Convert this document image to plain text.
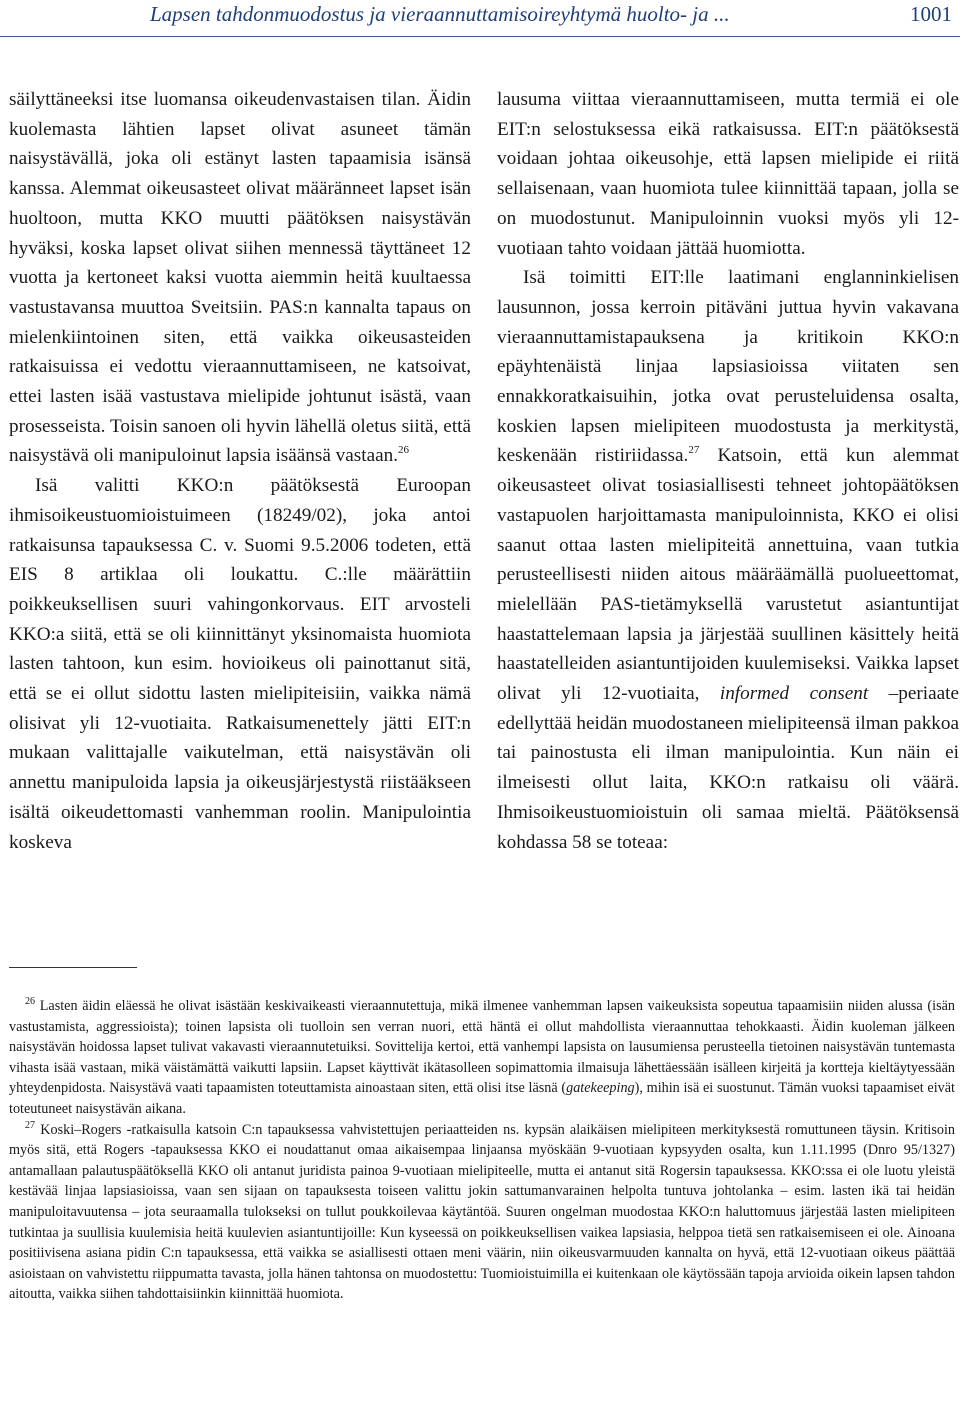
Lapsen tahdonmuodostus ja vieraannuttamisoireyhtymä huolto- ja ...	1001

säilyttäneeksi itse luomansa oikeudenvastaisen tilan. Äidin kuolemasta lähtien lapset olivat asuneet tämän naisystävällä, joka oli estänyt lasten tapaamisia isänsä kanssa. Alemmat oikeusasteet olivat määränneet lapset isän huoltoon, mutta KKO muutti päätöksen naisystävän hyväksi, koska lapset olivat siihen mennessä täyttäneet 12 vuotta ja kertoneet kaksi vuotta aiemmin heitä kuultaessa vastustavansa muuttoa Sveitsiin. PAS:n kannalta tapaus on mielenkiintoinen siten, että vaikka oikeusasteiden ratkaisuissa ei vedottu vieraannuttamiseen, ne katsoivat, ettei lasten isää vastustava mielipide johtunut isästä, vaan prosesseista. Toisin sanoen oli hyvin lähellä oletus siitä, että naisystävä oli manipuloinut lapsia isäänsä vastaan.$^{26}$

Isä valitti KKO:n päätöksestä Euroopan ihmisoikeustuomioistuimeen (18249/02), joka antoi ratkaisunsa tapauksessa C. v. Suomi 9.5.2006 todeten, että EIS 8 artiklaa oli loukattu. C.:lle määrättiin poikkeuksellisen suuri vahingonkorvaus. EIT arvosteli KKO:a siitä, että se oli kiinnittänyt yksinomaista huomiota lasten tahtoon, kun esim. hovioikeus oli painottanut sitä, että se ei ollut sidottu lasten mielipiteisiin, vaikka nämä olisivat yli 12-vuotiaita. Ratkaisumenettely jätti EIT:n mukaan valittajalle vaikutelman, että naisystävän oli annettu manipuloida lapsia ja oikeusjärjestystä riistääkseen isältä oikeudettomasti vanhemman roolin. Manipulointia koskeva

lausuma viittaa vieraannuttamiseen, mutta termiä ei ole EIT:n selostuksessa eikä ratkaisussa. EIT:n päätöksestä voidaan johtaa oikeusohje, että lapsen mielipide ei riitä sellaisenaan, vaan huomiota tulee kiinnittää tapaan, jolla se on muodostunut. Manipuloinnin vuoksi myös yli 12-vuotiaan tahto voidaan jättää huomiotta.

Isä toimitti EIT:lle laatimani englanninkielisen lausunnon, jossa kerroin pitäväni juttua hyvin vakavana vieraannuttamistapauksena ja kritikoin KKO:n epäyhtenäistä linjaa lapsiasioissa viitaten sen ennakkoratkaisuihin, jotka ovat perusteluidensa osalta, koskien lapsen mielipiteen muodostusta ja merkitystä, keskenään ristiriidassa.$^{27}$ Katsoin, että kun alemmat oikeusasteet olivat tosiasiallisesti tehneet johtopäätöksen vastapuolen harjoittamasta manipuloinnista, KKO ei olisi saanut ottaa lasten mielipiteitä annettuina, vaan tutkia perusteellisesti niiden aitous määräämällä puolueettomat, mielellään PAS-tietämyksellä varustetut asiantuntijat haastattelemaan lapsia ja järjestää suullinen käsittely heitä haastatelleiden asiantuntijoiden kuulemiseksi. Vaikka lapset olivat yli 12-vuotiaita, informed consent –periaate edellyttää heidän muodostaneen mielipiteensä ilman pakkoa tai painostusta eli ilman manipulointia. Kun näin ei ilmeisesti ollut laita, KKO:n ratkaisu oli väärä. Ihmisoikeustuomioistuin oli samaa mieltä. Päätöksensä kohdassa 58 se toteaa:

$^{26}$ Lasten äidin eläessä he olivat isästään keskivaikeasti vieraannutettuja, mikä ilmenee vanhemman lapsen vaikeuksista sopeutua tapaamisiin niiden alussa (isän vastustamista, aggressioista); toinen lapsista oli tuolloin sen verran nuori, että häntä ei ollut mahdollista vieraannuttaa tehokkaasti. Äidin kuoleman jälkeen naisystävän hoidossa lapset tulivat vakavasti vieraannutetuiksi. Sovittelija kertoi, että vanhempi lapsista on lausumiensa perusteella tietoinen naisystävän tuntemasta vihasta isää vastaan, mikä väistämättä vaikutti lapsiin. Lapset käyttivät ikätasolleen sopimattomia ilmaisuja lähettäessään isälleen kirjeitä ja kortteja kieltäytyessään yhteydenpidosta. Naisystävä vaati tapaamisten toteuttamista ainoastaan siten, että olisi itse läsnä (gatekeeping), mihin isä ei suostunut. Tämän vuoksi tapaamiset eivät toteutuneet naisystävän aikana.

$^{27}$ Koski–Rogers -ratkaisulla katsoin C:n tapauksessa vahvistettujen periaatteiden ns. kypsän alaikäisen mielipiteen merkityksestä romuttuneen täysin. Kritisoin myös sitä, että Rogers -tapauksessa KKO ei noudattanut omaa aikaisempaa linjaansa myöskään 9-vuotiaan kypsyyden osalta, kun 1.11.1995 (Dnro 95/1327) antamallaan palautuspäätöksellä KKO oli antanut juridista painoa 9-vuotiaan mielipiteelle, mutta ei antanut sitä Rogersin tapauksessa. KKO:ssa ei ole luotu yleistä kestävää linjaa lapsiasioissa, vaan sen sijaan on tapauksesta toiseen valittu jokin sattumanvarainen helpolta tuntuva johtolanka – esim. lasten ikä tai heidän manipuloitavuutensa – jota seuraamalla tulokseksi on tullut poukkoilevaa käytäntöä. Suuren ongelman muodostaa KKO:n haluttomuus järjestää lasten mielipiteen tutkintaa ja suullisia kuulemisia heitä kuulevien asiantuntijoille: Kun kyseessä on poikkeuksellisen vaikea lapsiasia, helppoa tietä sen ratkaisemiseen ei ole. Ainoana positiivisena asiana pidin C:n tapauksessa, että vaikka se asiallisesti ottaen meni väärin, niin oikeusvarmuuden kannalta on hyvä, että 12-vuotiaan oikeus päättää asioistaan on vahvistettu riippumatta tavasta, jolla hänen tahtonsa on muodostettu: Tuomioistuimilla ei kuitenkaan ole käytössään tapoja arvioida oikein lapsen tahdon aitoutta, vaikka siihen tahdottaisiinkin kiinnittää huomiota.
